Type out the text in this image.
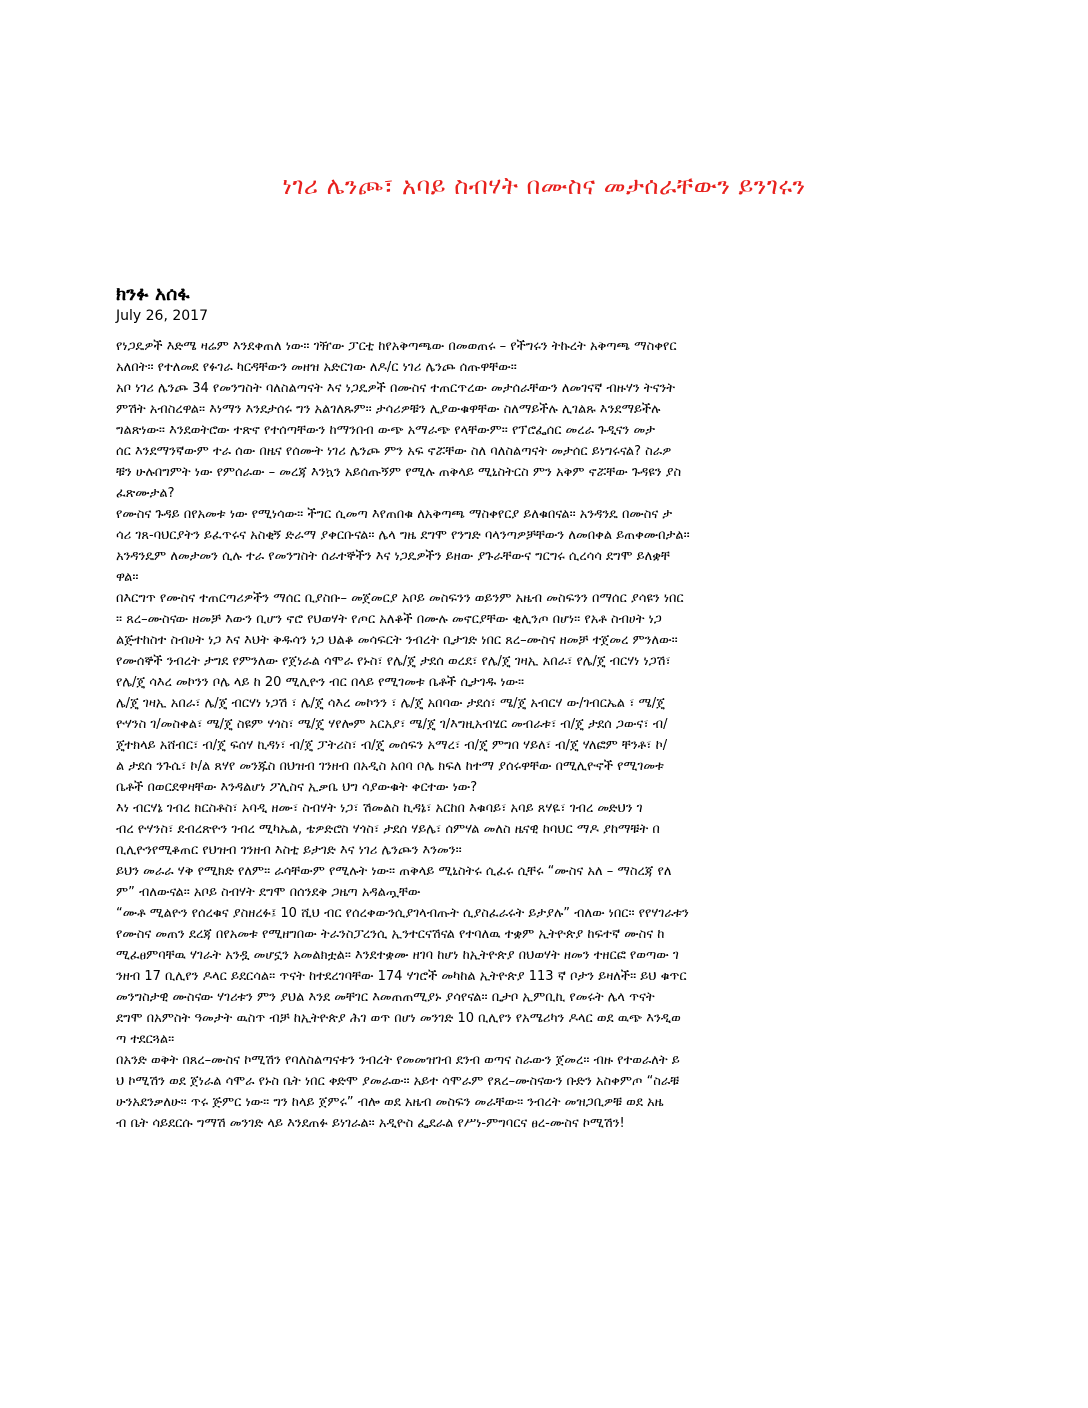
ነገሪ ሌንጮ፣ አባይ ስብሃት በሙስና መታሰራቸውን ይንገሩን

ክንፉ አሰፋ

July 26, 2017

የነጋዴዎች እድሜ ዛሬም እንደቀጠለ ነው። ገዥው ፓርቲ ከየአቅጣጫው በመወጠሩ – የችግሩን ትኩረት አቅጣጫ ማስቀየር
አለበት። የተለመደ የፉገራ ካርዳቸውን መዘዝ አድርገው ለዶ/ር ነገሪ ሌንጮ ሰጡዋቸው።

አቦ ነገሪ ሌንጮ 34 የመንግስት ባለስልጣናት እና ነጋዴዎች በሙስና ተጠርጥረው መታሰራቸውን ለመገናኛ ብዙሃን ትናንት
ምሽት አብስረዋል። እነማን እንደታሰሩ ግን አልገለጹም። ታሳሪዎቹን ሊያውቁዋቸው ስለማይችሉ ሊገልጹ እንደማይችሉ
ግልጽነው። እንደወትሮው ተጽኖ የተሰጣቸውን ከማንበብ ውጭ አማራጭ የላቸውም። የፕሮፌሰር መረራ ጉዲናን መታ
ሰር እንደማንኛውም ተራ ሰው በዜና የሰሙት ነገሪ ሌንጮ ምን አፍ ኖሯቸው ስለ ባለስልጣናት መታሰር ይነግሩናል? ስራዎ
ቹን ሁሉበግምት ነው የምሰራው – መረጃ እንኳን አይሰጡኝም የሚሉ ጠቅላይ ሚኒስትርስ ምን አቅም ኖሯቸው ጉዳዩን ያስ
ፈጽሙታል?

የሙስና ጉዳይ በየአመቱ ነው የሚነሳው። ችግር ሲመጣ እየጠበቁ ለአቅጣጫ ማስቀየርያ ይለቁበናል። አንዳንዴ በሙስና ታ
ሳሪ ገጸ-ባህርያትን ይፈጥሩና አስቂኝ ድራማ ያቀርቡናል። ሌላ ግዜ ደግሞ የንግድ ባላንጣዎቻቸውን ለመበቀል ይጠቀሙበታል።
አንዳንዴም ለመታመን ሲሉ ተራ የመንግስት ሰራተኞችን እና ነጋዴዎችን ይዘው ያጉራቸውና ግርግሩ ሲረሳሳ ደግሞ ይለቋቸ
ዋል።

በእርግጥ የሙስና ተጠርጣሪዎችን ማሰር ቢያስቡ– መጀመርያ አቦይ መስፍንን ወይንም አዜብ መስፍንን በማሰር ያሳዩን ነበር
። ጸረ–ሙስናው ዘመቻ እውን ቢሆን ኖሮ የህወሃት የጦር አለቆች በሙሉ መኖርያቸው ቂሊንጦ በሆነ። የአቶ ስብሀት ነጋ
ልጅተከስተ ስብሀት ነጋ እና እህት ቅዱሳን ነጋ ህልቆ መሳፍርት ንብረት ቢታገድ ነበር ጸረ–ሙስና ዘመቻ ተጀመረ ምንለው።
የሙሰኞች ንብረት ታግደ የምንለው የጀነራል ሳሞራ የኑስ፣ የሌ/ጄ ታደሰ ወረደ፣ የሌ/ጄ ገዛኢ አበራ፣ የሌ/ጄ ብርሃነ ነጋሽ፣
የሌ/ጄ ሳእረ መኮንን ቦሌ ላይ ከ 20 ሚሊዮን ብር በላይ የሚገመቱ ቤቶች ሲታገዱ ነው።

ሌ/ጄ ገዛኢ አበራ፣ ሌ/ጄ ብርሃነ ነጋሽ ፣ ሌ/ጄ ሳእረ መኮንን ፣ ሌ/ጄ አበባው ታደሰ፣ ሜ/ጄ አብርሃ ው/ገብርኤል ፣ ሜ/ጄ
ዮሃንስ ገ/መስቀል፣ ሜ/ጄ ስዩም ሃጎስ፣ ሜ/ጄ ሃየሎም አርአያ፣ ሜ/ጄ ገ/እግዚአብሄር መብራቱ፣ ብ/ጄ ታደሰ ጋውና፣ ብ/
ጄተክላይ አሸብር፣ ብ/ጄ ፍሰሃ ኪዳነ፣ ብ/ጄ ፓትሪስ፣ ብ/ጄ መሰፍን አማረ፣ ብ/ጄ ምግበ ሃይለ፣ ብ/ጄ ሃለፎም ቸንቶ፣ ኮ/
ል ታደሰ ንጉሴ፣ ኮ/ል ጸሃየ መንጁስ በህዝብ ገንዘብ በአዲስ አበባ ቦሌ ክፍለ ከተማ ያሰሩዋቸው በሚሊዮኖች የሚገመቱ
ቤቶች በወርደዋዛቸው እንዳልሆነ ፖሊስና ኢቃቤ ህግ ሳያውቁት ቀርተው ነው?

እነ ብርሃኔ ገብረ ክርስቶስ፣ አባዲ ዘሙ፣ ስብሃት ነጋ፣ ሽመልስ ኪዳኔ፣ አርከበ እቁባይ፣ አባይ ጸሃዬ፣ ገብረ መድህን ገ
ብረ ዮሃንስ፣ ደብረጽዮን ገብረ ሚካኤል, ቴዎድሮስ ሃጎስ፣ ታደሰ ሃይሌ፣ ሰምሃል መለስ ዜናዊ ከባህር ማዶ ያከማቹት በ
ቢሊዮንየሚቆጠር የህዝብ ገንዘብ እስቲ ይታገድ እና ነገሪ ሌንጮን እንመን።

ይህን መራራ ሃቅ የሚክድ የለም። ራሳቸውም የሚሉት ነው። ጠቅላይ ሚኒስትሩ ሲፈሩ ሲቸሩ “ሙስና አለ – ማስረጃ የለ
ም” ብለውናል። አቦይ ስብሃት ደግሞ በሰንደቅ ጋዜጣ አዳልጧቸው

“ሙቶ ሚልዮን የሰረቁና ያስዘረፉ፤ 10 ሺህ ብር የሰረቀውንሲያገላብጡት ሲያስፈራሩት ይታያሉ” ብለው ነበር። የየሃገራቱን
የሙስና መጠን ደረጃ በየአመቱ የሚዘግበው ትራንስፓረንሲ ኢንተርናሽናል የተባለዉ ተቋም ኢትዮጵያ ከፍተኛ ሙስና ከ
ሚፈፀምባቸዉ ሃገራት አንዷ መሆኗን አመልክቷል። እንደተቋሙ ዘገባ ከሆነ ከኢትዮጵያ በህወሃት ዘመን ተዘርፎ የወጣው ገ
ንዘብ 17 ቢሊየን ዶላር ይደርሳል። ጥናት ከተደረገባቸው 174 ሃገሮች መካከል ኢትዮጵያ 113 ኛ ቦታን ይዛለች። ይህ ቁጥር
መንግስታዊ ሙስናው ሃገሪቱን ምን ያህል እንደ መቸገር እመጠጠሚያኑ ያሳየናል። ቢታቦ ኢምቢኪ የመሩት ሌላ ጥናት
ደግሞ በአምስት ዓመታት ዉስጥ ብቻ ከኢትዮጵያ ሕገ ወጥ በሆነ መንገድ 10 ቢሊየን የአሜሪካን ዶላር ወደ ዉጭ እንዲወ
ጣ ተደርጓል።

በአንድ ወቅት በጸረ–ሙስና ኮሚሽን የባለስልጣናቱን ንብረት የመመዝገብ ደንብ ወጣና ስራውን ጀመረ። ብዙ የተወራለት ይ
ህ ኮሚሽን ወደ ጀነራል ሳሞራ የኑስ ቤት ነበር ቀድሞ ያመራው። አይተ ሳሞራም የጸረ–ሙስናውን ቡድን አስቀምጦ “ስራቹ
ሁንአደንቃለሁ። ጥሩ ጅምር ነው። ግን ከላይ ጀምሩ” ብሎ ወደ አዜብ መስፍን መራቸው። ንብረት መዝጋቢዎቹ ወደ አዜ
ብ ቤት ሳይደርሱ ግማሽ መንገድ ላይ እንደጠፉ ይነገራል። አዲዮስ ፌደራል የሥነ-ምግባርና ፀረ-ሙስና ኮሚሽን!
